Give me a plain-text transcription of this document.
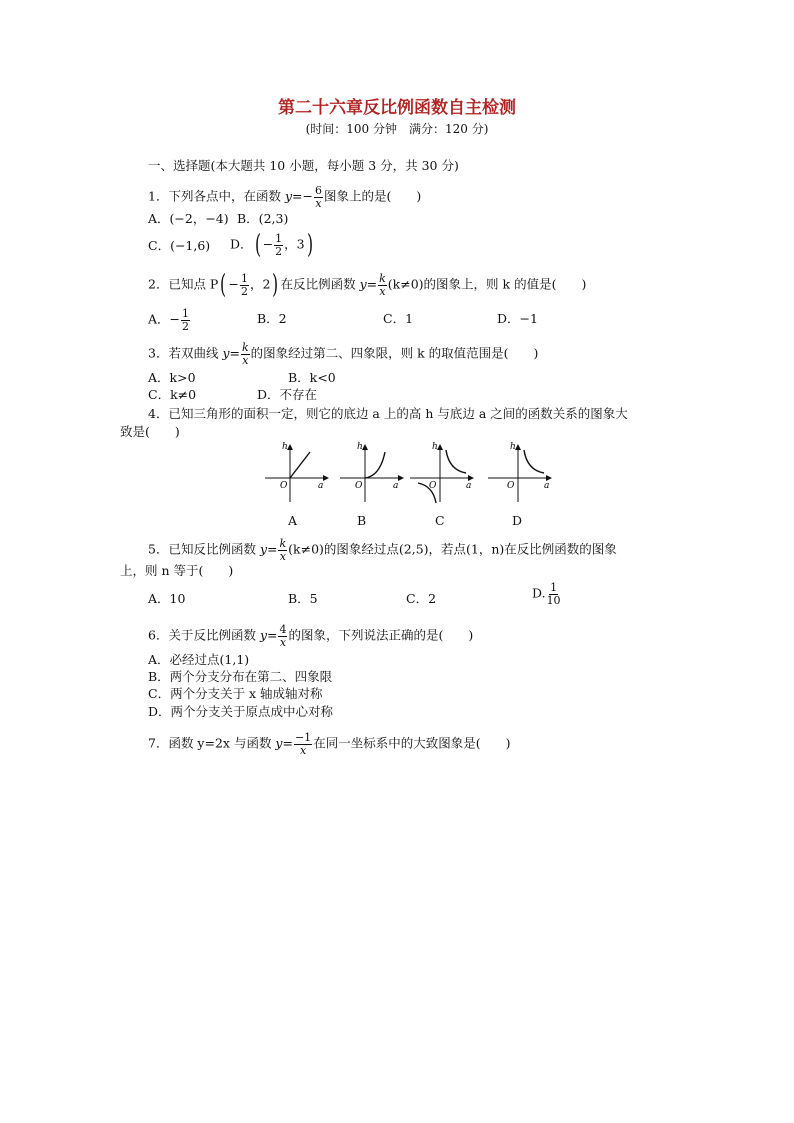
第二十六章反比例函数自主检测
(时间：100 分钟　满分：120 分)
一、选择题(本大题共 10 小题，每小题 3 分，共 30 分)
1．下列各点中，在函数 $y=- \frac{6}{x}$ 图象上的是(　　)
A．(−2，−4) B．(2,3)
C．(−1,6) D．( − $\frac{1}{2}$ ，3)
2．已知点 $P( - \frac{1}{2}$ ，2) 在反比例函数 $y= \frac{k}{x} (k\ne 0)$的图象上，则 k 的值是(　　)
A．− $\frac{1}{2}$	B．2	C．1	D．−1
3．若双曲线 $y= \frac{k}{x}$ 的图象经过第二、四象限，则 k 的取值范围是(　　)
A．k>0	B．k<0
C．k≠0	D．不存在
4．已知三角形的面积一定，则它的底边 a 上的高 h 与底边 a 之间的函数关系的图象大
致是(　　)
h
a
O
h
a
O
h
a
O
h
a
O
A	B	C	D
5．已知反比例函数 $y= \frac{k}{x} (k\ne 0)$的图象经过点(2,5)，若点(1，n)在反比例函数的图象
上，则 n 等于(　　)
A．10	B．5	C．2	D. $\frac{1}{10}$
6．关于反比例函数 $y= \frac{4}{x}$ 的图象，下列说法正确的是(　　)
A．必经过点(1,1)
B．两个分支分布在第二、四象限
C．两个分支关于 x 轴成轴对称
D．两个分支关于原点成中心对称
7．函数 y=2x 与函数 $y= \frac{-1}{x}$ 在同一坐标系中的大致图象是(　　)
